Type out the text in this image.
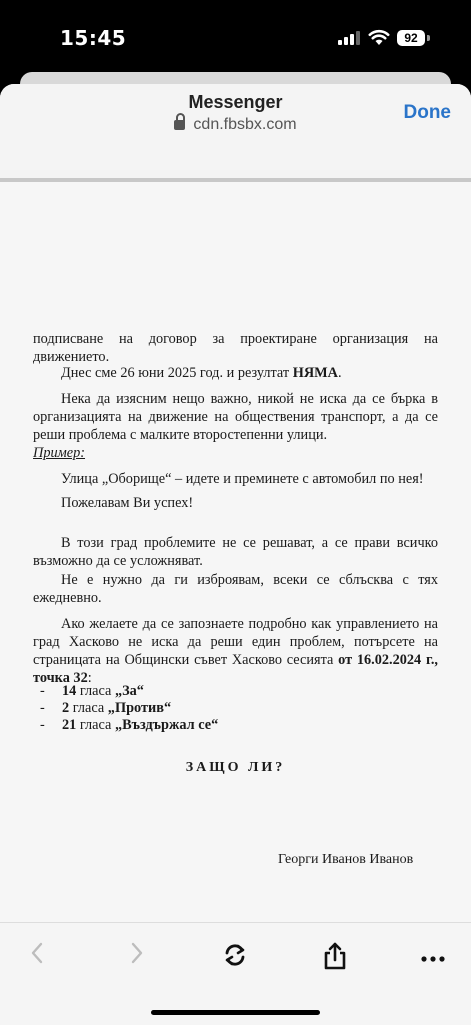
15:45	92
Messenger
cdn.fbsbx.com
Done

подписване на договор за проектиране организация на движението.

Днес сме 26 юни 2025 год. и резултат НЯМА.

Нека да изясним нещо важно, никой не иска да се бърка в организацията на движение на обществения транспорт, а да се реши проблема с малките второстепенни улици.

Пример:

Улица „Оборище“ – идете и преминете с автомобил по нея!

Пожелавам Ви успех!

В този град проблемите не се решават, а се прави всичко възможно да се усложняват.

Не е нужно да ги изброявам, всеки се сблъсква с тях ежедневно.

Ако желаете да се запознаете подробно как управлението на град Хасково не иска да реши един проблем, потърсете на страницата на Общински съвет Хасково сесията от 16.02.2024 г., точка 32:

- 14 гласа „За“
- 2 гласа „Против“
- 21 гласа „Въздържал се“
ЗАЩО ЛИ?
Георги Иванов Иванов
